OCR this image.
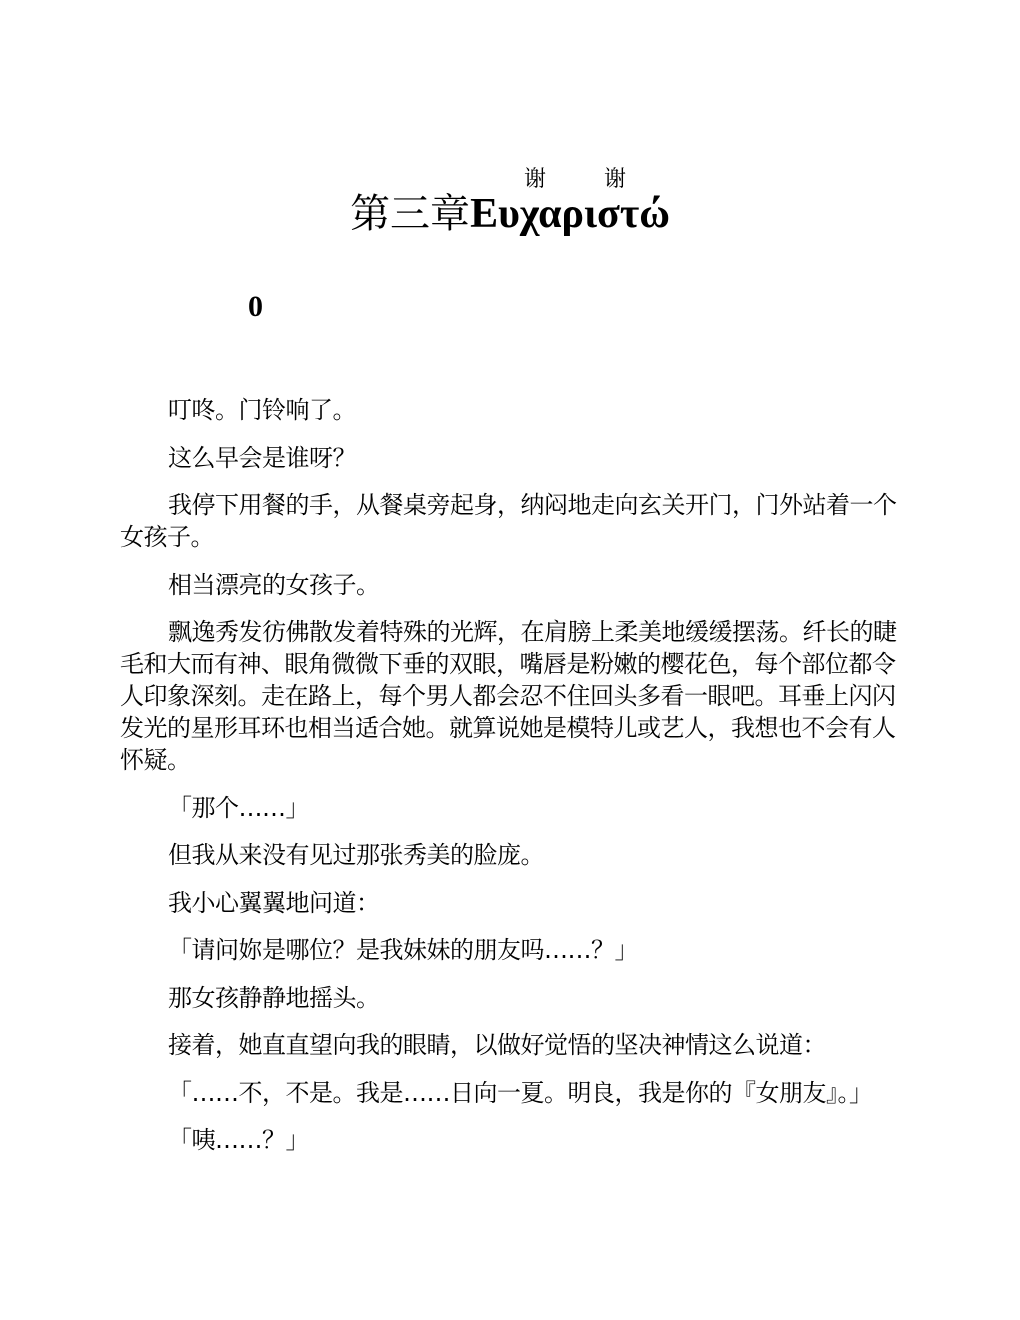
谢	谢
第三章Ευχαριστώ
0

叮咚。门铃响了。

这么早会是谁呀？

我停下用餐的手，从餐桌旁起身，纳闷地走向玄关开门，门外站着一个女孩子。

相当漂亮的女孩子。

飘逸秀发彷佛散发着特殊的光辉，在肩膀上柔美地缓缓摆荡。纤长的睫毛和大而有神、眼角微微下垂的双眼，嘴唇是粉嫩的樱花色，每个部位都令人印象深刻。走在路上，每个男人都会忍不住回头多看一眼吧。耳垂上闪闪发光的星形耳环也相当适合她。就算说她是模特儿或艺人，我想也不会有人怀疑。

「那个……」

但我从来没有见过那张秀美的脸庞。

我小心翼翼地问道：

「请问妳是哪位？是我妹妹的朋友吗……？」

那女孩静静地摇头。

接着，她直直望向我的眼睛，以做好觉悟的坚决神情这么说道：

「……不，不是。我是……日向一夏。明良，我是你的『女朋友』。」

「咦……？」
